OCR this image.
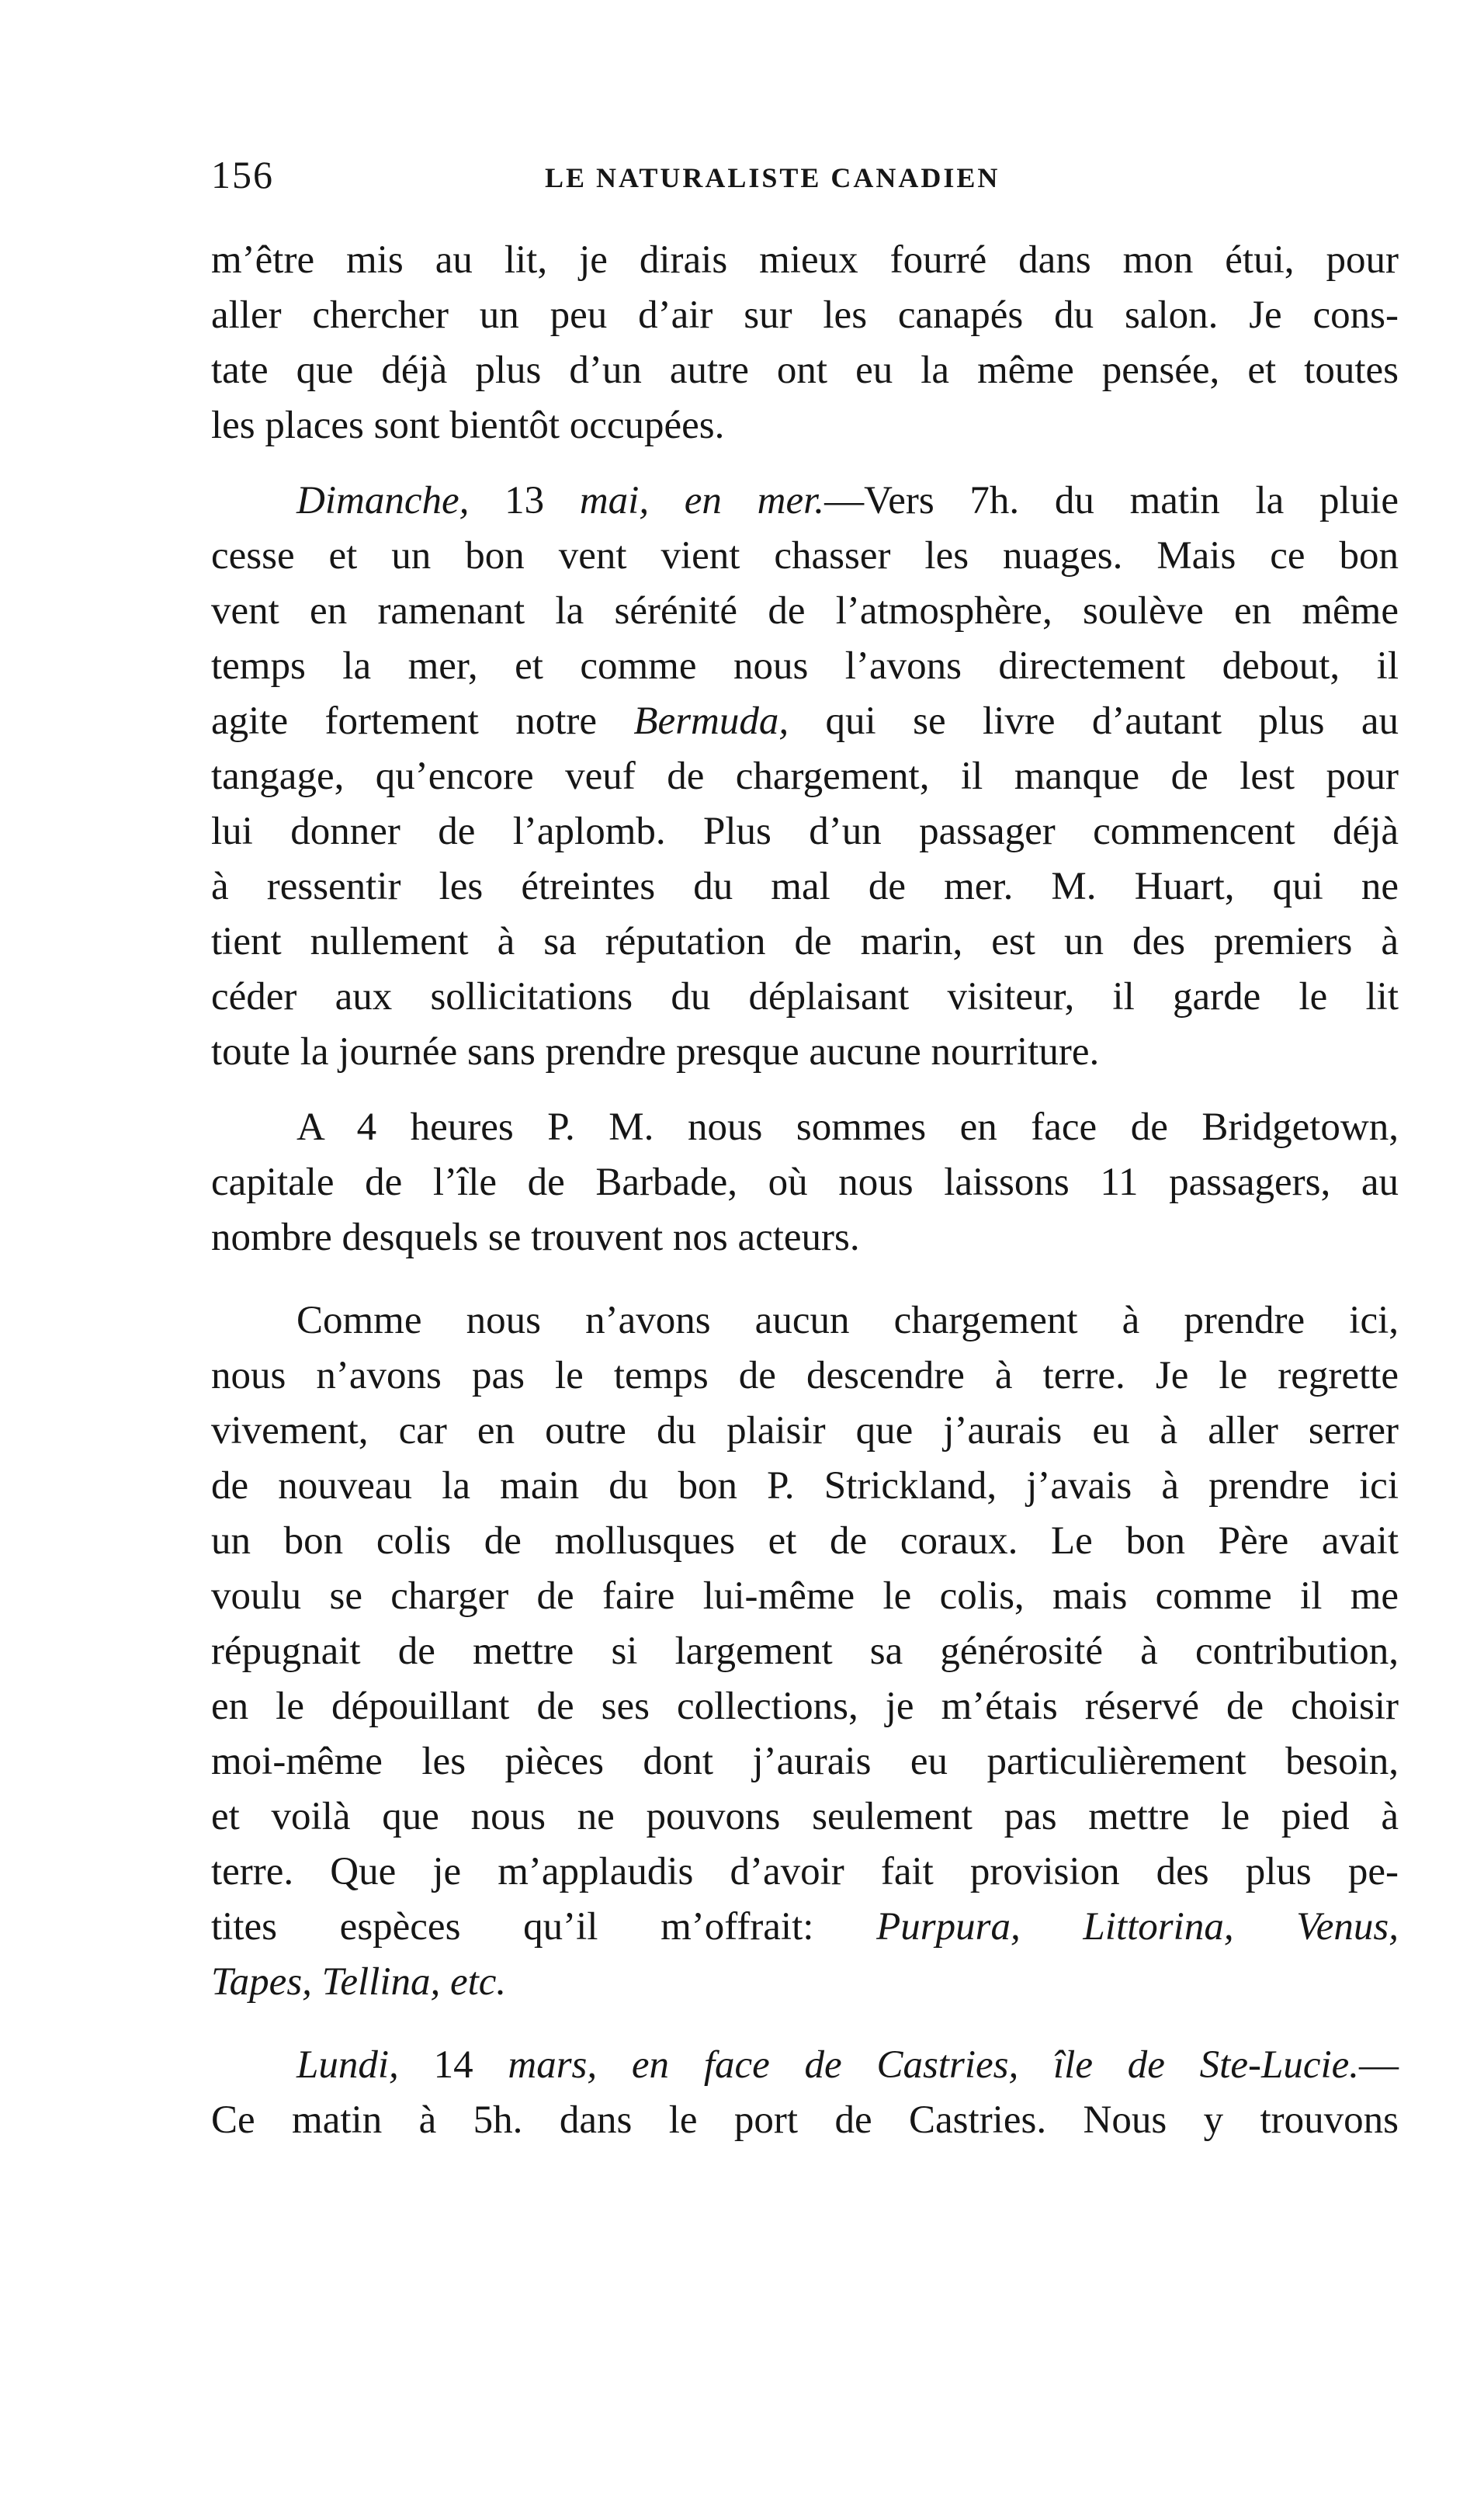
156	LE NATURALISTE CANADIEN

m’être mis au lit, je dirais mieux fourré dans mon étui, pour
aller chercher un peu d’air sur les canapés du salon. Je cons-
tate que déjà plus d’un autre ont eu la même pensée, et toutes
les places sont bientôt occupées.

Dimanche, 13 mai, en mer.—Vers 7h. du matin la pluie
cesse et un bon vent vient chasser les nuages. Mais ce bon
vent en ramenant la sérénité de l’atmosphère, soulève en même
temps la mer, et comme nous l’avons directement debout, il
agite fortement notre Bermuda, qui se livre d’autant plus au
tangage, qu’encore veuf de chargement, il manque de lest pour
lui donner de l’aplomb. Plus d’un passager commencent déjà
à ressentir les étreintes du mal de mer. M. Huart, qui ne
tient nullement à sa réputation de marin, est un des premiers à
céder aux sollicitations du déplaisant visiteur, il garde le lit
toute la journée sans prendre presque aucune nourriture.

A 4 heures P. M. nous sommes en face de Bridgetown,
capitale de l’île de Barbade, où nous laissons 11 passagers, au
nombre desquels se trouvent nos acteurs.

Comme nous n’avons aucun chargement à prendre ici,
nous n’avons pas le temps de descendre à terre. Je le regrette
vivement, car en outre du plaisir que j’aurais eu à aller serrer
de nouveau la main du bon P. Strickland, j’avais à prendre ici
un bon colis de mollusques et de coraux. Le bon Père avait
voulu se charger de faire lui-même le colis, mais comme il me
répugnait de mettre si largement sa générosité à contribution,
en le dépouillant de ses collections, je m’étais réservé de choisir
moi-même les pièces dont j’aurais eu particulièrement besoin,
et voilà que nous ne pouvons seulement pas mettre le pied à
terre. Que je m’applaudis d’avoir fait provision des plus pe-
tites espèces qu’il m’offrait: Purpura, Littorina, Venus,
Tapes, Tellina, etc.

Lundi, 14 mars, en face de Castries, île de Ste-Lucie.—
Ce matin à 5h. dans le port de Castries. Nous y trouvons
